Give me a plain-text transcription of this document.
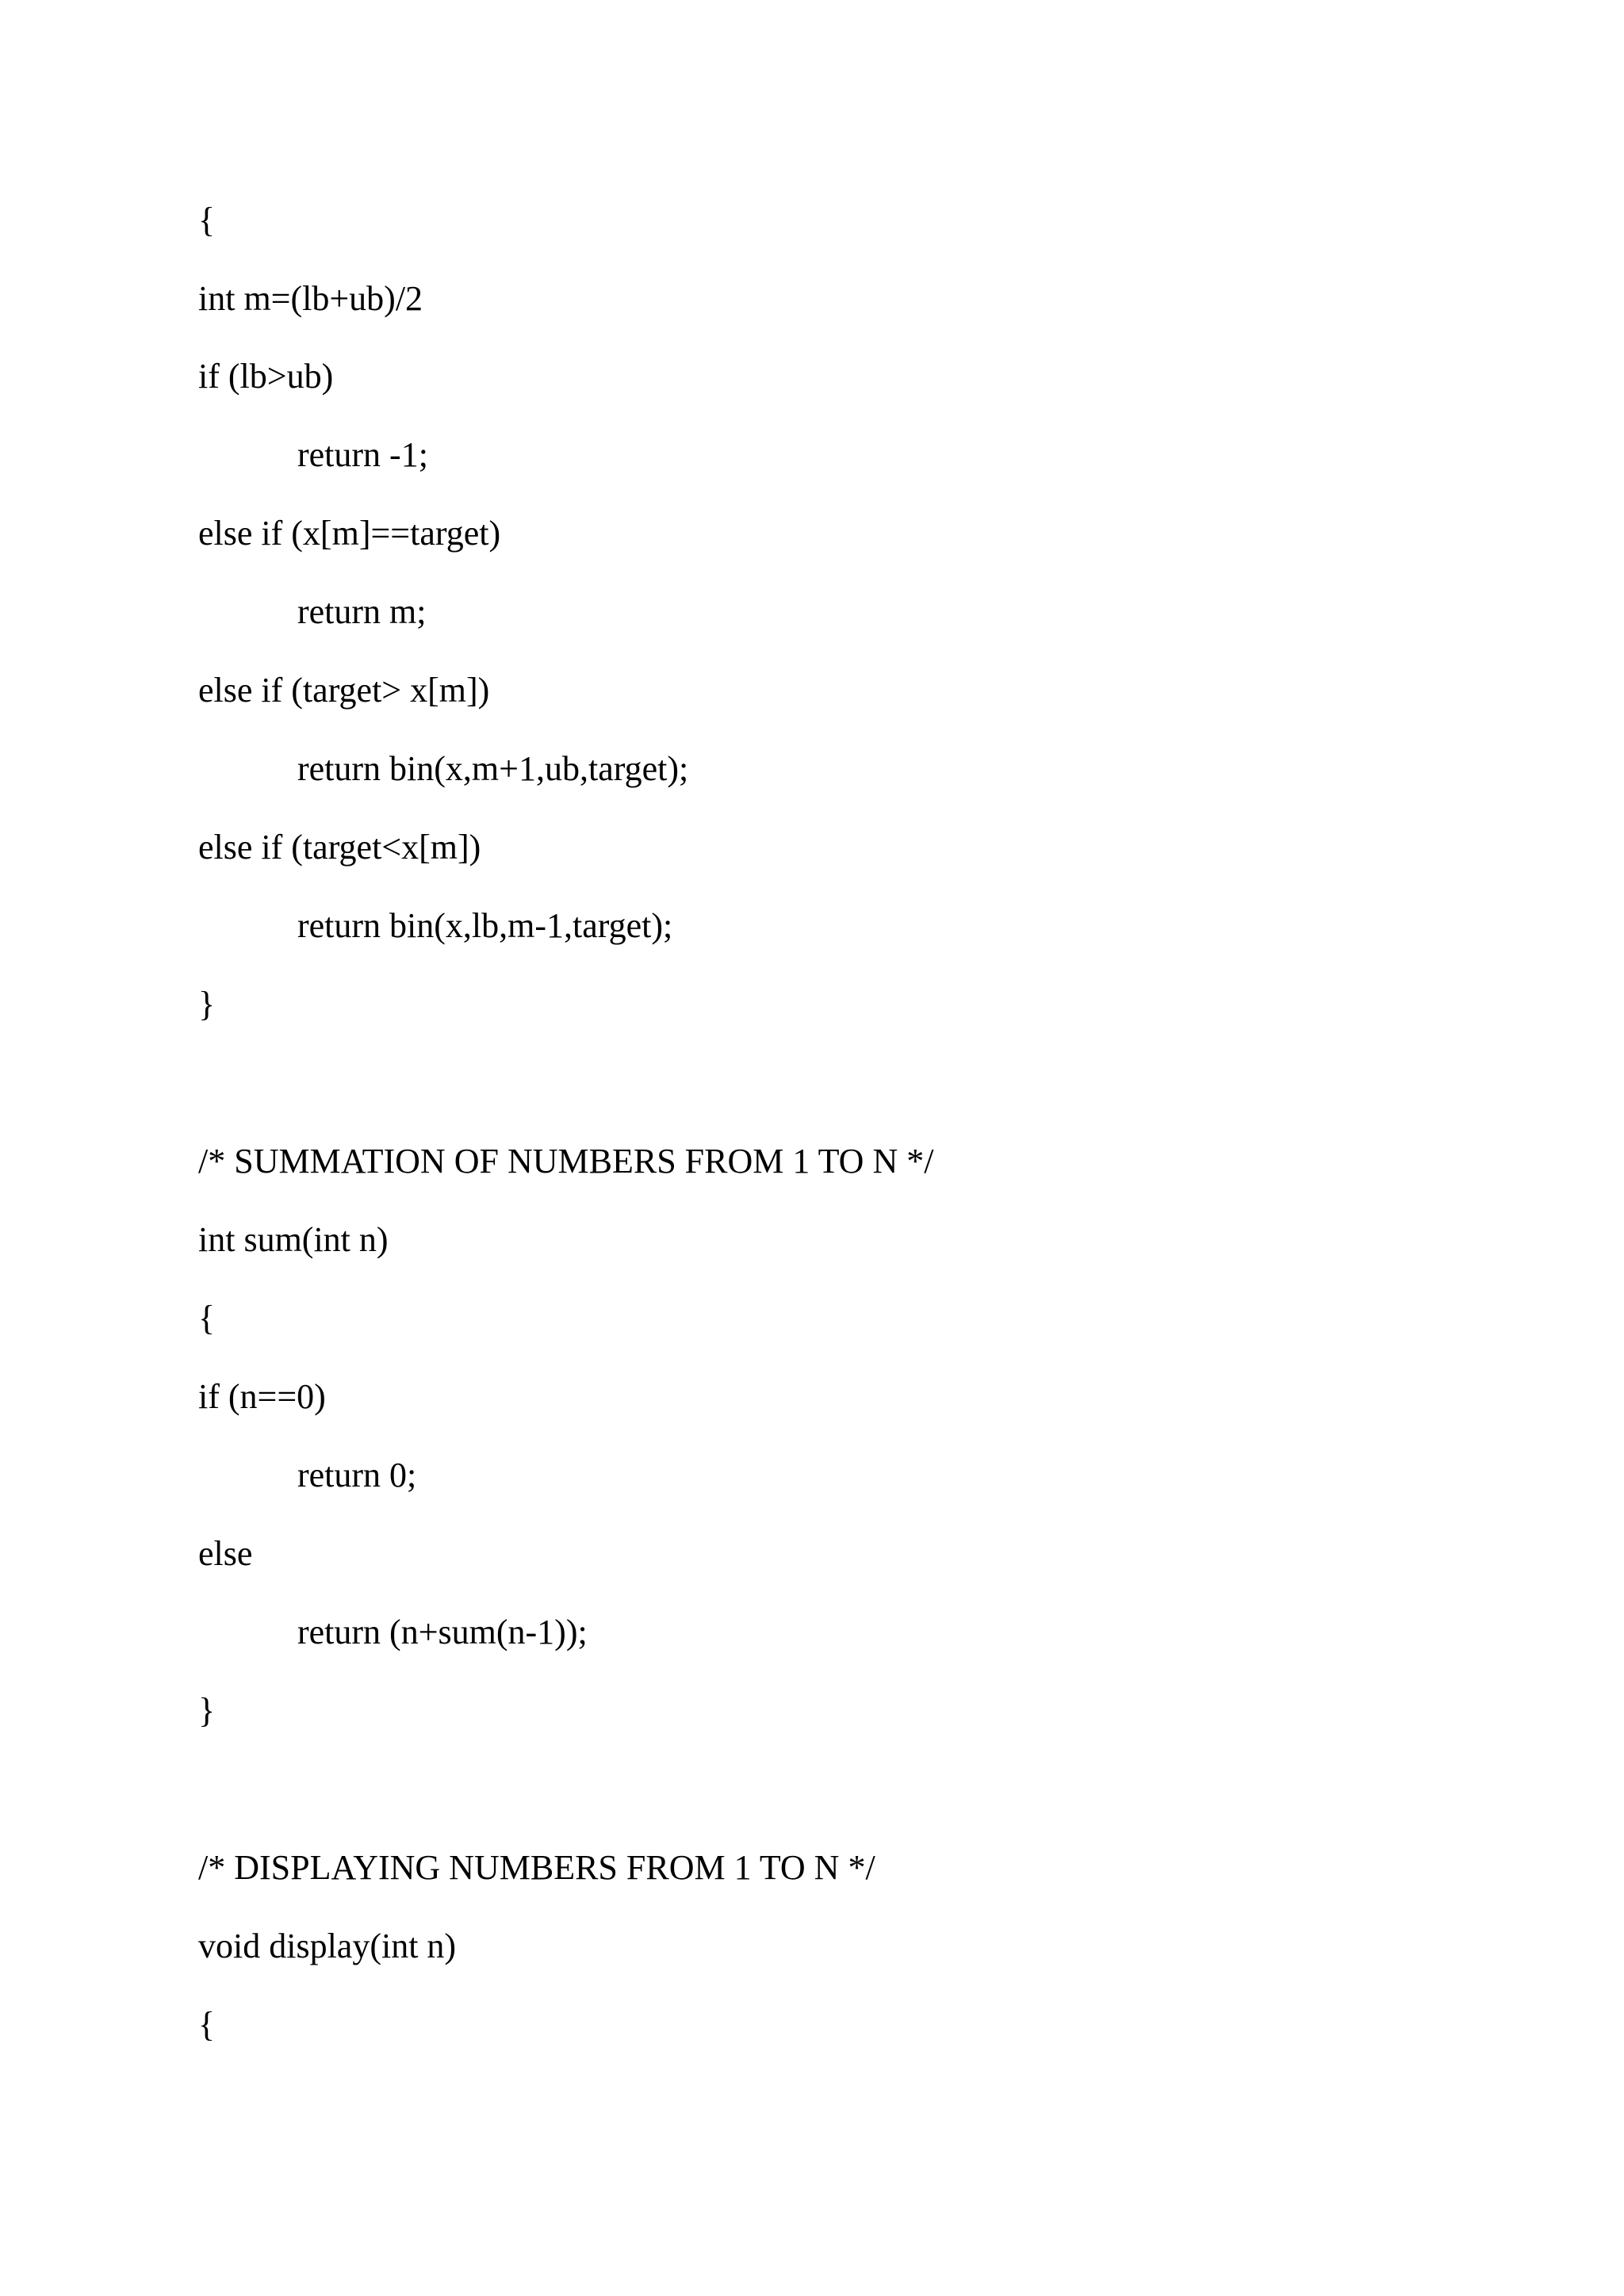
{

int m=(lb+ub)/2

if (lb>ub)

return -1;

else if (x[m]==target)

return m;

else if (target> x[m])

return bin(x,m+1,ub,target);

else if (target<x[m])

return bin(x,lb,m-1,target);

}

/* SUMMATION OF NUMBERS FROM 1 TO N */

int sum(int n)

{

if (n==0)

return 0;

else

return (n+sum(n-1));

}

/* DISPLAYING NUMBERS FROM 1 TO N */

void display(int n)

{
